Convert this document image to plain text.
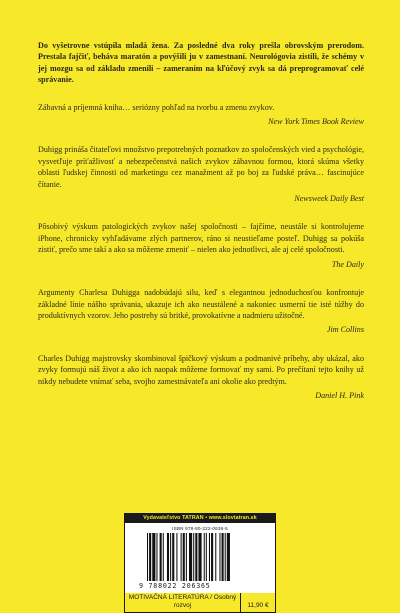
Do vyšetrovne vstúpila mladá žena. Za posledné dva roky prešla obrovským prerodom. Prestala fajčiť, beháva maratón a povýšili ju v zamestnaní. Neurológovia zistili, že schémy v jej mozgu sa od základu zmenili – zameraním na kľúčový zvyk sa dá preprogramovať celé správanie.

Zábavná a príjemná kniha… seriózny pohľad na tvorbu a zmenu zvykov.

New York Times Book Review

Duhigg prináša čitateľovi množstvo prepotrebných poznatkov zo spoločenských vied a psychológie, vysvetľuje príťažlivosť a nebezpečenstvá našich zvykov zábavnou formou, ktorá skúma všetky oblasti ľudskej činnosti od marketingu cez manažment až po boj za ľudské práva… fascinujúce čítanie.

Newsweek Daily Best

Pôsobivý výskum patologických zvykov našej spoločnosti – fajčíme, neustále si kontrolujeme iPhone, chronicky vyhľadávame zlých partnerov, ráno si neustieľame posteľ. Duhigg sa pokúša zistiť, prečo sme takí a ako sa môžeme zmeniť – nielen ako jednotlivci, ale aj celé spoločnosti.

The Daily

Argumenty Charlesa Duhigga nadobúdajú silu, keď s elegantnou jednoduchosťou konfrontuje základné línie nášho správania, ukazuje ich ako neustálené a nakoniec usmerní tie isté túžby do produktívnych vzorov. Jeho postrehy sú britké, provokatívne a nadmieru užitočné.

Jim Collins

Charles Duhigg majstrovsky skombinoval špičkový výskum a podmanivé príbehy, aby ukázal, ako zvyky formujú náš život a ako ich naopak môžeme formovať my sami. Po prečítaní tejto knihy už nikdy nebudete vnímať seba, svojho zamestnávateľa ani okolie ako predtým.

Daniel H. Pink

Vydavateľstvo TATRAN • www.slovtatran.sk
ISBN 978-80-222-0636-5
9 788022 206365
MOTIVAČNÁ LITERATÚRA / Osobný rozvoj	11,90 €
